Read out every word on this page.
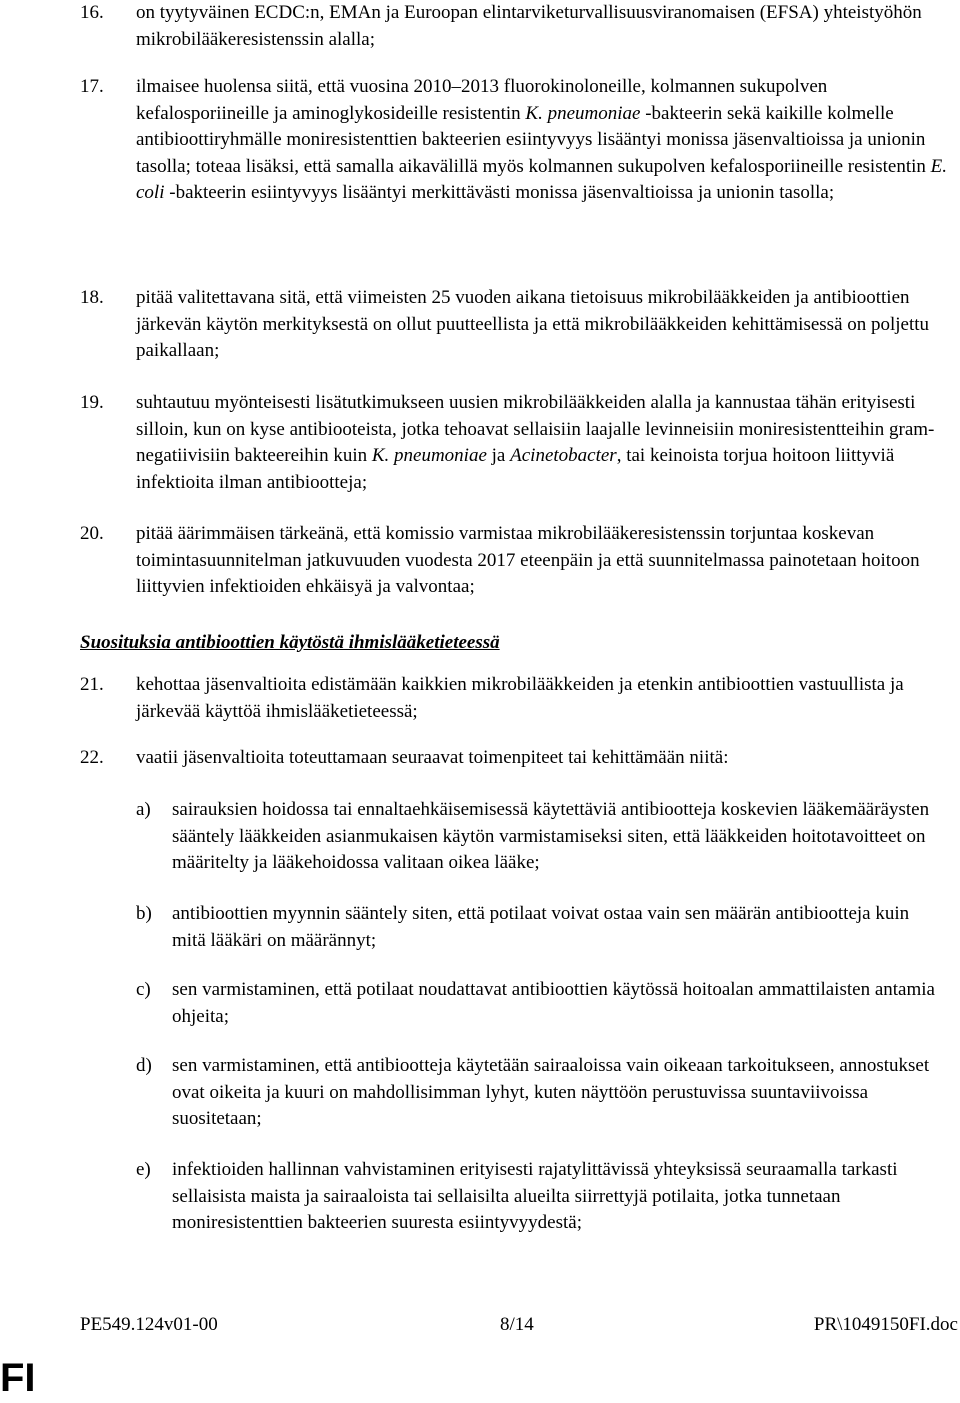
16.	on tyytyväinen ECDC:n, EMAn ja Euroopan elintarviketurvallisuusviranomaisen (EFSA) yhteistyöhön mikrobilääkeresistenssin alalla;
17.	ilmaisee huolensa siitä, että vuosina 2010–2013 fluorokinoloneille, kolmannen sukupolven kefalosporiineille ja aminoglykosideille resistentin K. pneumoniae -bakteerin sekä kaikille kolmelle antibioottiryhmälle moniresistenttien bakteerien esiintyvyys lisääntyi monissa jäsenvaltioissa ja unionin tasolla; toteaa lisäksi, että samalla aikavälillä myös kolmannen sukupolven kefalosporiineille resistentin E. coli -bakteerin esiintyvyys lisääntyi merkittävästi monissa jäsenvaltioissa ja unionin tasolla;
18.	pitää valitettavana sitä, että viimeisten 25 vuoden aikana tietoisuus mikrobilääkkeiden ja antibioottien järkevän käytön merkityksestä on ollut puutteellista ja että mikrobilääkkeiden kehittämisessä on poljettu paikallaan;
19.	suhtautuu myönteisesti lisätutkimukseen uusien mikrobilääkkeiden alalla ja kannustaa tähän erityisesti silloin, kun on kyse antibiooteista, jotka tehoavat sellaisiin laajalle levinneisiin moniresistentteihin gram-negatiivisiin bakteereihin kuin K. pneumoniae ja Acinetobacter, tai keinoista torjua hoitoon liittyviä infektioita ilman antibiootteja;
20.	pitää äärimmäisen tärkeänä, että komissio varmistaa mikrobilääkeresistenssin torjuntaa koskevan toimintasuunnitelman jatkuvuuden vuodesta 2017 eteenpäin ja että suunnitelmassa painotetaan hoitoon liittyvien infektioiden ehkäisyä ja valvontaa;
Suosituksia antibioottien käytöstä ihmislääketieteessä
21.	kehottaa jäsenvaltioita edistämään kaikkien mikrobilääkkeiden ja etenkin antibioottien vastuullista ja järkevää käyttöä ihmislääketieteessä;
22.	vaatii jäsenvaltioita toteuttamaan seuraavat toimenpiteet tai kehittämään niitä:
a)	sairauksien hoidossa tai ennaltaehkäisemisessä käytettäviä antibiootteja koskevien lääkemääräysten sääntely lääkkeiden asianmukaisen käytön varmistamiseksi siten, että lääkkeiden hoitotavoitteet on määritelty ja lääkehoidossa valitaan oikea lääke;
b)	antibioottien myynnin sääntely siten, että potilaat voivat ostaa vain sen määrän antibiootteja kuin mitä lääkäri on määrännyt;
c)	sen varmistaminen, että potilaat noudattavat antibioottien käytössä hoitoalan ammattilaisten antamia ohjeita;
d)	sen varmistaminen, että antibiootteja käytetään sairaaloissa vain oikeaan tarkoitukseen, annostukset ovat oikeita ja kuuri on mahdollisimman lyhyt, kuten näyttöön perustuvissa suuntaviivoissa suositetaan;
e)	infektioiden hallinnan vahvistaminen erityisesti rajatylittävissä yhteyksissä seuraamalla tarkasti sellaisista maista ja sairaaloista tai sellaisilta alueilta siirrettyjä potilaita, jotka tunnetaan moniresistenttien bakteerien suuresta esiintyvyydestä;
PE549.124v01-00	8/14	PR\1049150FI.doc
FI
